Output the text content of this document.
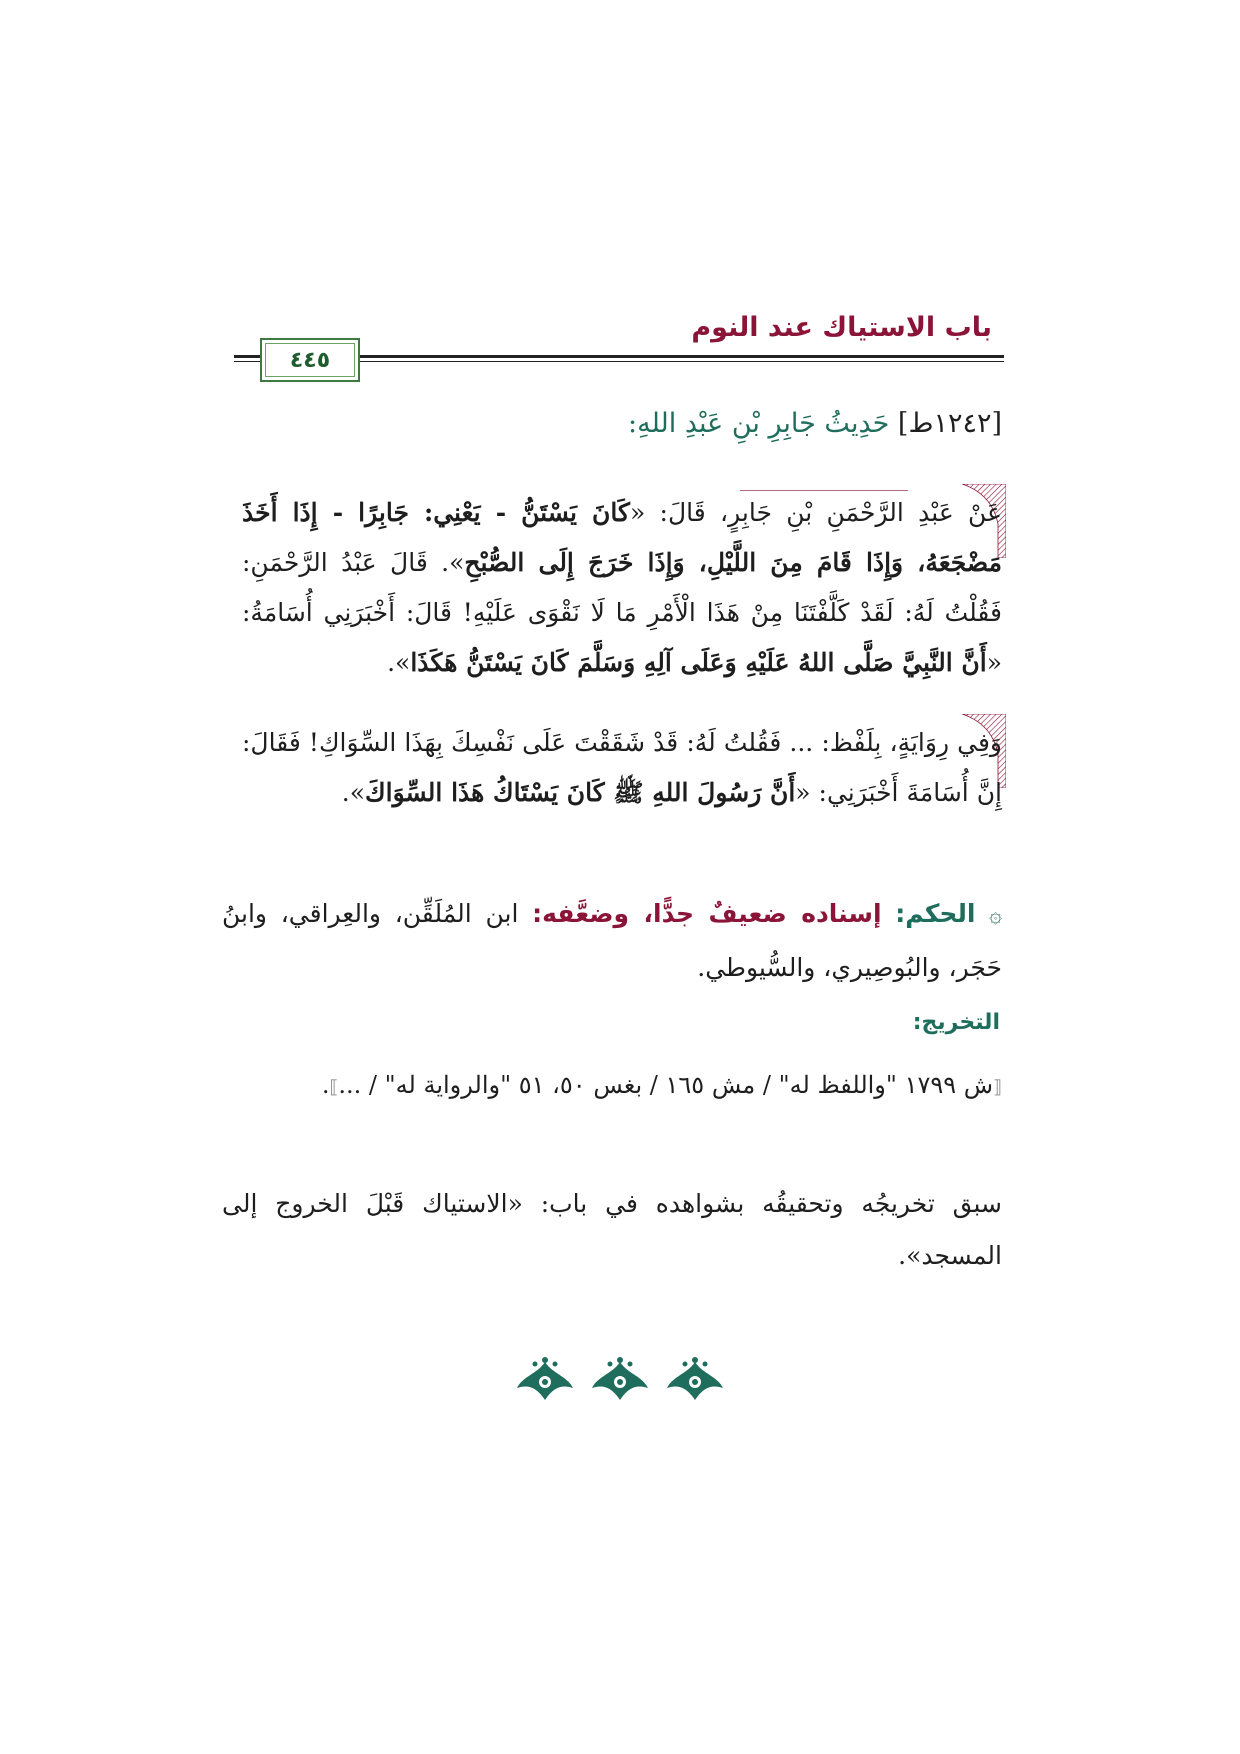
باب الاستياك عند النوم
٤٤٥
[١٢٤٢ط] حَدِيثُ جَابِرِ بْنِ عَبْدِ اللهِ:
عَنْ عَبْدِ الرَّحْمَنِ بْنِ جَابِرٍ، قَالَ: «كَانَ يَسْتَنُّ - يَعْنِي: جَابِرًا - إِذَا أَخَذَ مَضْجَعَهُ، وَإِذَا قَامَ مِنَ اللَّيْلِ، وَإِذَا خَرَجَ إِلَى الصُّبْحِ». قَالَ عَبْدُ الرَّحْمَنِ: فَقُلْتُ لَهُ: لَقَدْ كَلَّفْتَنَا مِنْ هَذَا الْأَمْرِ مَا لَا نَقْوَى عَلَيْهِ! قَالَ: أَخْبَرَنِي أُسَامَةُ: «أَنَّ النَّبِيَّ صَلَّى اللهُ عَلَيْهِ وَعَلَى آلِهِ وَسَلَّمَ كَانَ يَسْتَنُّ هَكَذَا».
وَفِي رِوَايَةٍ، بِلَفْظ: ... فَقُلتُ لَهُ: قَدْ شَقَقْتَ عَلَى نَفْسِكَ بِهَذَا السِّوَاكِ! فَقَالَ: إِنَّ أُسَامَةَ أَخْبَرَنِي: «أَنَّ رَسُولَ اللهِ ﷺ كَانَ يَسْتَاكُ هَذَا السِّوَاكَ».
۞ الحكم: إسناده ضعيفٌ جدًّا، وضعَّفه: ابن المُلَقِّن، والعِراقي، وابنُ حَجَر، والبُوصِيري، والسُّيوطي.
التخريج:
⟦ش ١٧٩٩ "واللفظ له" / مش ١٦٥ / بغس ٥٠، ٥١ "والرواية له" / ...⟧.
سبق تخريجُه وتحقيقُه بشواهده في باب: «الاستياك قَبْلَ الخروج إلى المسجد».
